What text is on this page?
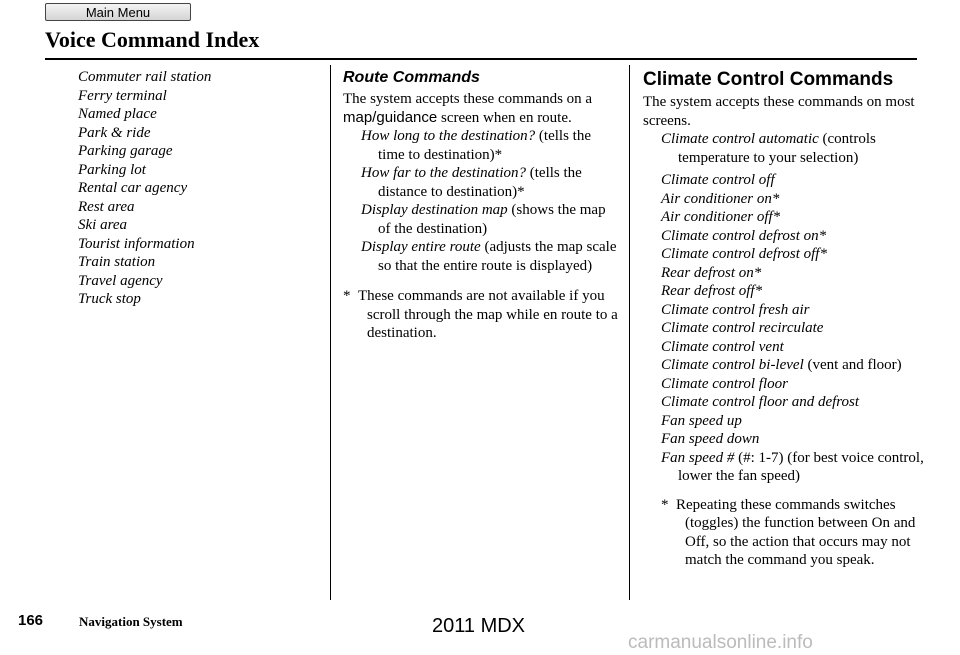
Main Menu
Voice Command Index
Commuter rail station
Ferry terminal
Named place
Park & ride
Parking garage
Parking lot
Rental car agency
Rest area
Ski area
Tourist information
Train station
Travel agency
Truck stop
Route Commands

The system accepts these commands on a map/guidance screen when en route.

How long to the destination? (tells the time to destination)*

How far to the destination? (tells the distance to destination)*

Display destination map (shows the map of the destination)

Display entire route (adjusts the map scale so that the entire route is displayed)

* These commands are not available if you scroll through the map while en route to a destination.

Climate Control Commands

The system accepts these commands on most screens.

Climate control automatic (controls temperature to your selection)

Climate control off

Air conditioner on*

Air conditioner off*

Climate control defrost on*

Climate control defrost off*

Rear defrost on*

Rear defrost off*

Climate control fresh air

Climate control recirculate

Climate control vent

Climate control bi-level (vent and floor)

Climate control floor

Climate control floor and defrost

Fan speed up

Fan speed down

Fan speed # (#: 1-7) (for best voice control, lower the fan speed)

* Repeating these commands switches (toggles) the function between On and Off, so the action that occurs may not match the command you speak.

166	Navigation System	2011 MDX
carmanualsonline.info
